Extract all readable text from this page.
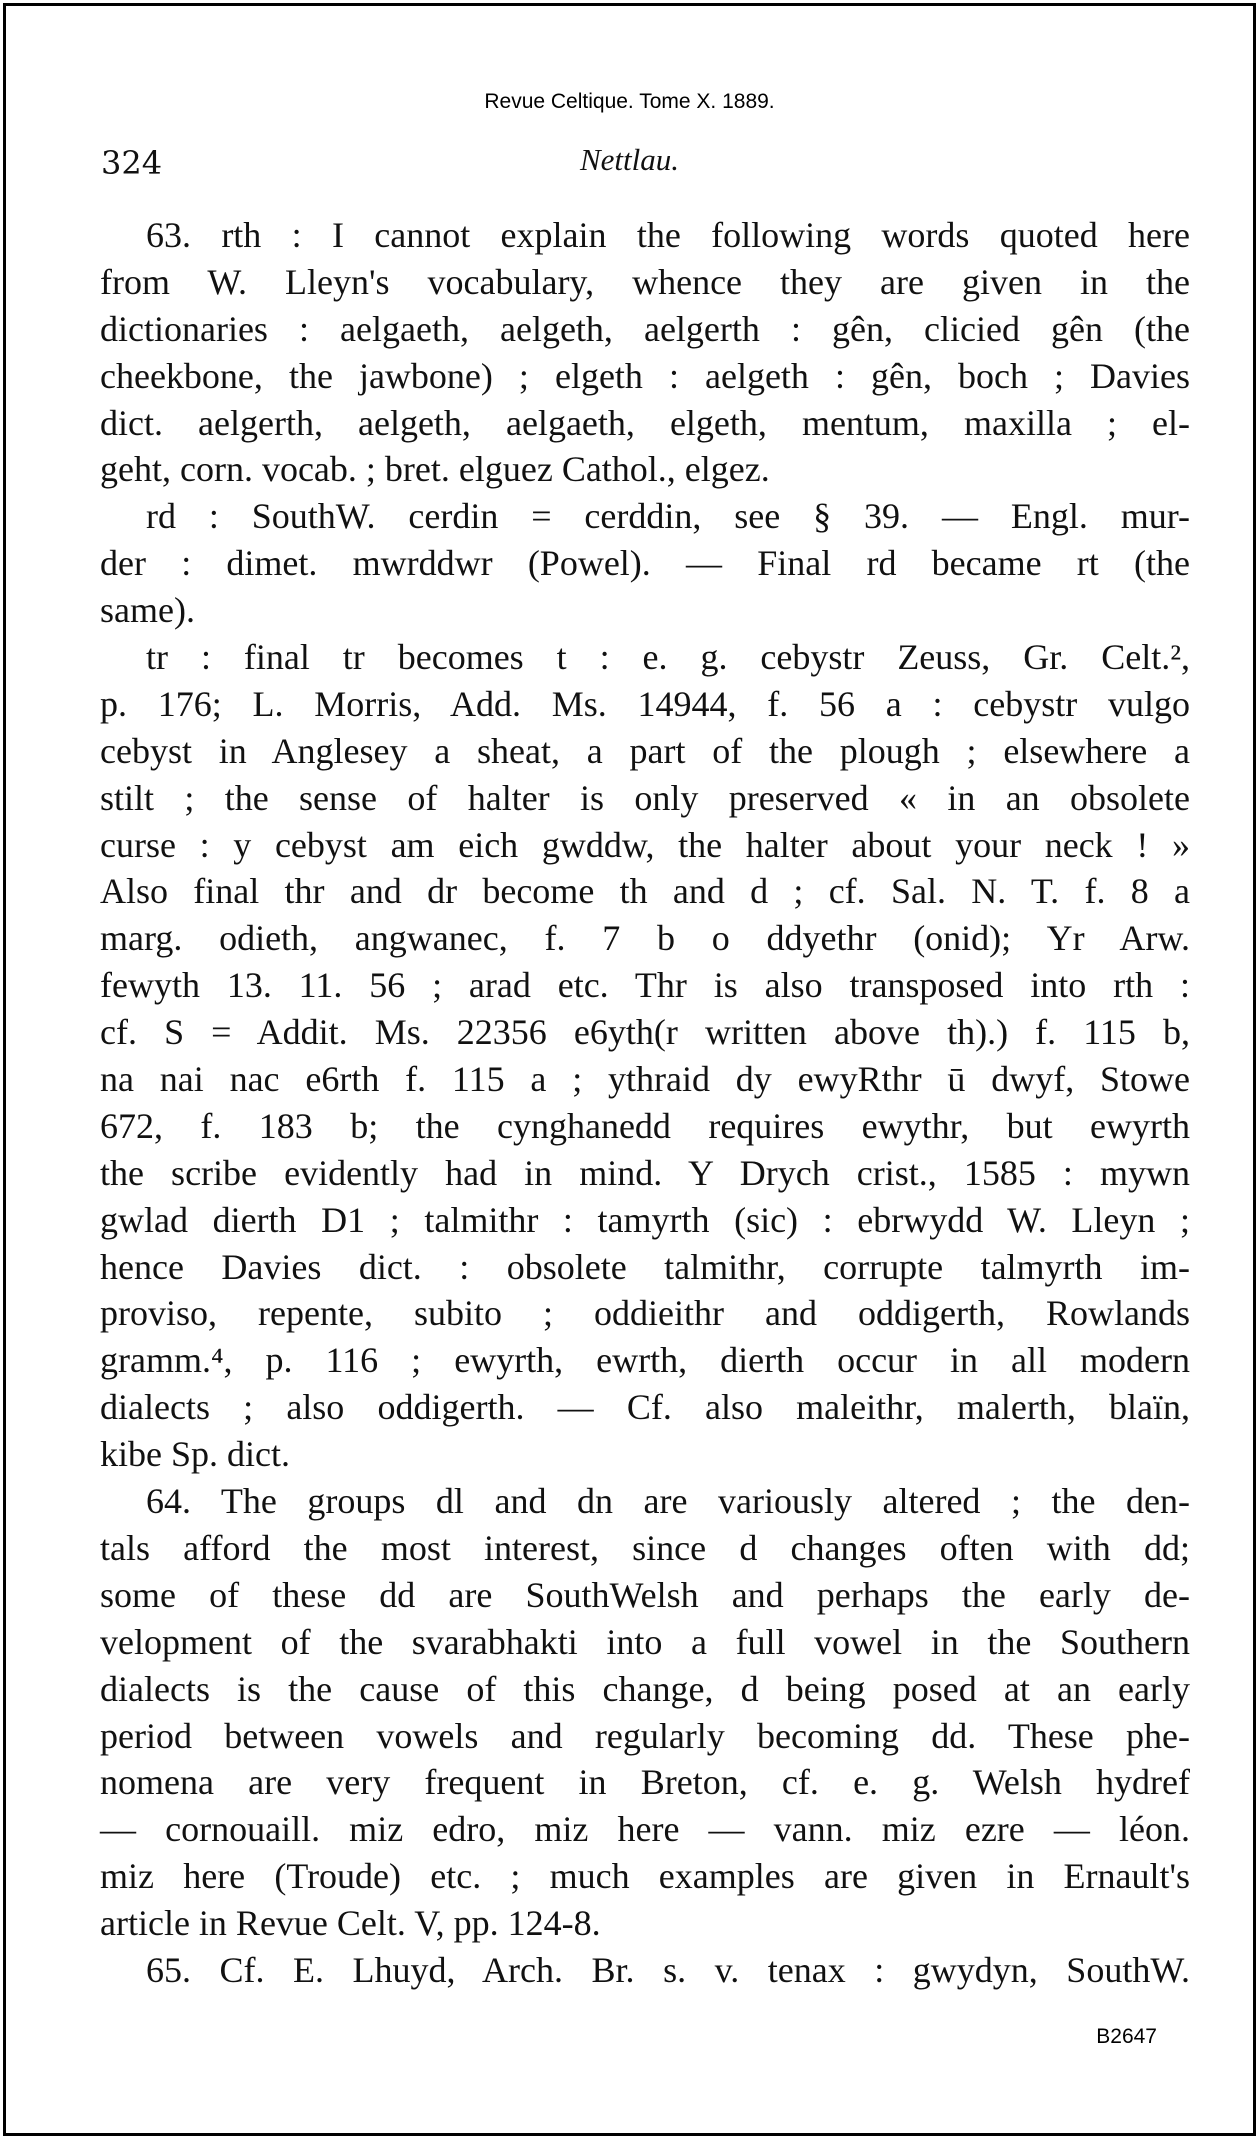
Revue Celtique. Tome X. 1889.
324	Nettlau.
63. rth : I cannot explain the following words quoted here
from W. Lleyn's vocabulary, whence they are given in the
dictionaries : aelgaeth, aelgeth, aelgerth : gên, clicied gên (the
cheekbone, the jawbone) ; elgeth : aelgeth : gên, boch ; Davies
dict. aelgerth, aelgeth, aelgaeth, elgeth, mentum, maxilla ; el-
geht, corn. vocab. ; bret. elguez Cathol., elgez.
rd : SouthW. cerdin = cerddin, see § 39. — Engl. mur-
der : dimet. mwrddwr (Powel). — Final rd became rt (the
same).
tr : final tr becomes t : e. g. cebystr Zeuss, Gr. Celt.²,
p. 176; L. Morris, Add. Ms. 14944, f. 56 a : cebystr vulgo
cebyst in Anglesey a sheat, a part of the plough ; elsewhere a
stilt ; the sense of halter is only preserved « in an obsolete
curse : y cebyst am eich gwddw, the halter about your neck ! »
Also final thr and dr become th and d ; cf. Sal. N. T. f. 8 a
marg. odieth, angwanec, f. 7 b o ddyethr (onid); Yr Arw.
fewyth 13. 11. 56 ; arad etc. Thr is also transposed into rth :
cf. S = Addit. Ms. 22356 e6yth(r written above th).) f. 115 b,
na nai nac e6rth f. 115 a ; ythraid dy ewyRthr ū dwyf, Stowe
672, f. 183 b; the cynghanedd requires ewythr, but ewyrth
the scribe evidently had in mind. Y Drych crist., 1585 : mywn
gwlad dierth D1 ; talmithr : tamyrth (sic) : ebrwydd W. Lleyn ;
hence Davies dict. : obsolete talmithr, corrupte talmyrth im-
proviso, repente, subito ; oddieithr and oddigerth, Rowlands
gramm.⁴, p. 116 ; ewyrth, ewrth, dierth occur in all modern
dialects ; also oddigerth. — Cf. also maleithr, malerth, blaïn,
kibe Sp. dict.
64. The groups dl and dn are variously altered ; the den-
tals afford the most interest, since d changes often with dd;
some of these dd are SouthWelsh and perhaps the early de-
velopment of the svarabhakti into a full vowel in the Southern
dialects is the cause of this change, d being posed at an early
period between vowels and regularly becoming dd. These phe-
nomena are very frequent in Breton, cf. e. g. Welsh hydref
— cornouaill. miz edro, miz here — vann. miz ezre — léon.
miz here (Troude) etc. ; much examples are given in Ernault's
article in Revue Celt. V, pp. 124-8.
65. Cf. E. Lhuyd, Arch. Br. s. v. tenax : gwydyn, SouthW.
B2647
